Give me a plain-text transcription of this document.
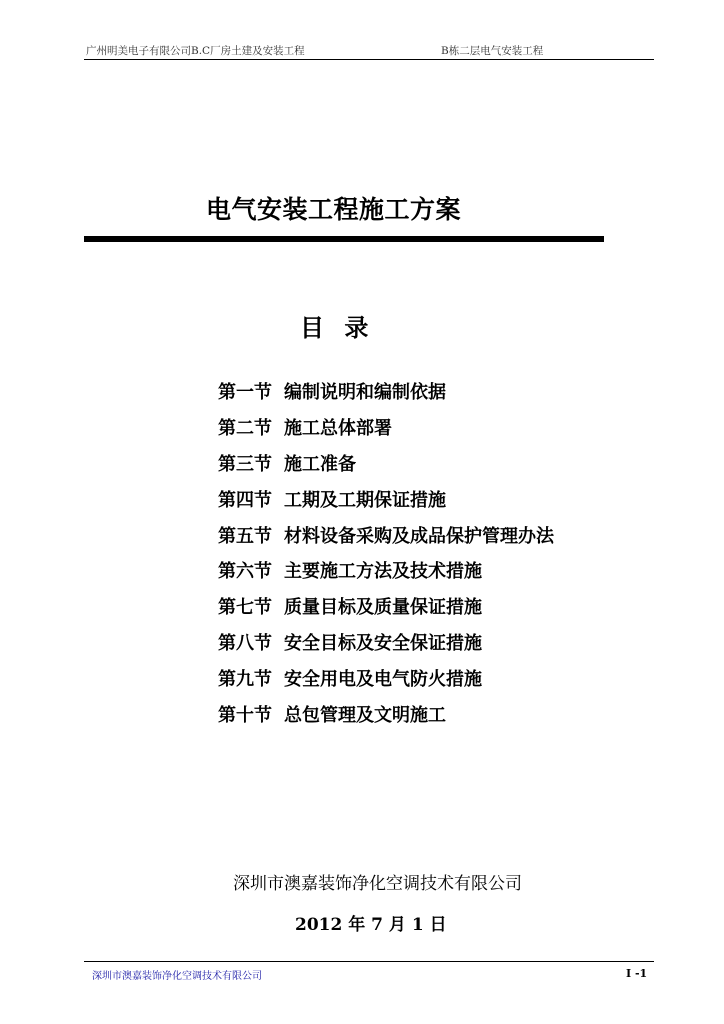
广州明美电子有限公司B.C厂房土建及安装工程	B栋二层电气安装工程
电气安装工程施工方案
目 录
第一节 编制说明和编制依据
第二节 施工总体部署
第三节 施工准备
第四节 工期及工期保证措施
第五节 材料设备采购及成品保护管理办法
第六节 主要施工方法及技术措施
第七节 质量目标及质量保证措施
第八节 安全目标及安全保证措施
第九节 安全用电及电气防火措施
第十节 总包管理及文明施工
深圳市澳嘉装饰净化空调技术有限公司
2012 年 7 月 1 日
深圳市澳嘉装饰净化空调技术有限公司	I -1
